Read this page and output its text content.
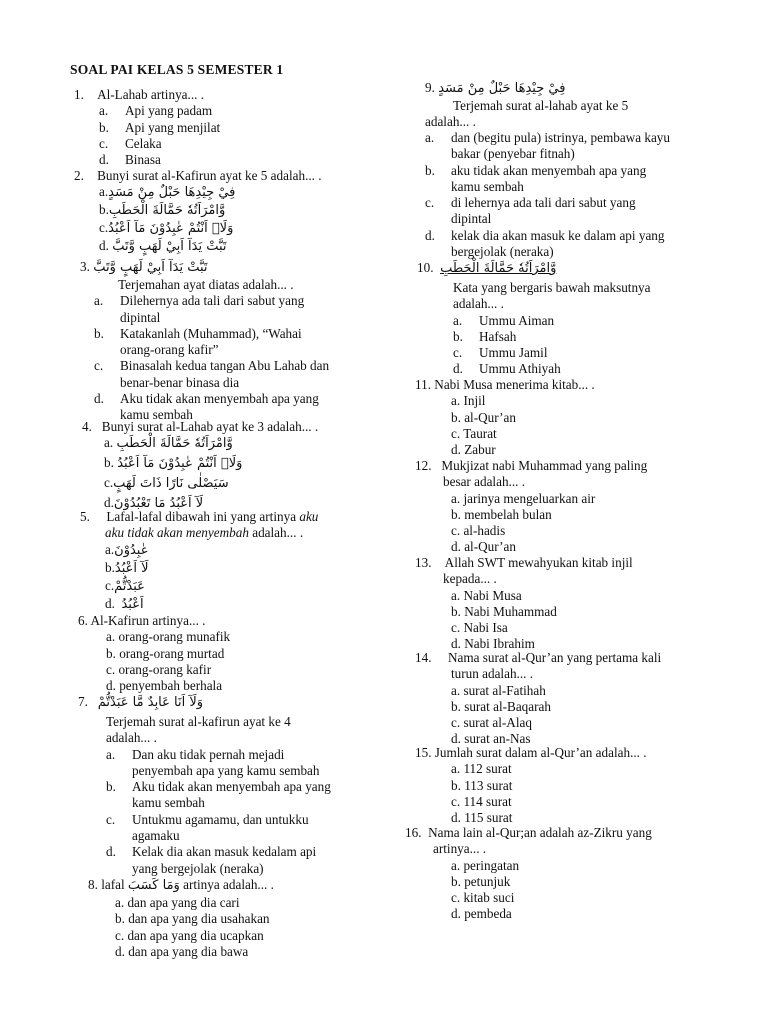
SOAL PAI KELAS 5 SEMESTER 1
1. Al-Lahab artinya... .
a. Api yang padam
b. Api yang menjilat
c. Celaka
d. Binasa
2. Bunyi surat al-Kafirun ayat ke 5 adalah... .
a.فِيْ جِيْدِهَا حَبْلٌ مِنْ مَسَدٍ
b.وَّامْرَاَتُهٗ حَمَّالَةَ الْحَطَبِ
c.وَلَاۤ اَنْتُمْ عٰبِدُوْنَ مَآ اَعْبُدُ
d. تَبَّتْ يَدَآ اَبِيْ لَهَبٍ وَّتَبَّ
3. تَبَّتْ يَدَآ اَبِيْ لَهَبٍ وَّتَبَّ
Terjemahan ayat diatas adalah... .
a. Dilehernya ada tali dari sabut yang
dipintal
b. Katakanlah (Muhammad), “Wahai
orang-orang kafir”
c. Binasalah kedua tangan Abu Lahab dan
benar-benar binasa dia
d. Aku tidak akan menyembah apa yang
kamu sembah
4. Bunyi surat al-Lahab ayat ke 3 adalah... .
a. وَّامْرَاَتُهٗ حَمَّالَةَ الْحَطَبِ
b. وَلَاۤ اَنْتُمْ عٰبِدُوْنَ مَآ اَعْبُدُ
c.سَيَصْلٰى نَارًا ذَاتَ لَهَبٍ
d.لَآ اَعْبُدُ مَا تَعْبُدُوْنَ
5. Lafal-lafal dibawah ini yang artinya aku
aku tidak akan menyembah adalah... .
a.عٰبِدُوْنَ
b.لَآ اَعْبُدُ
c.عَبَدْتُّمْ
d. اَعْبُدُ
6. Al-Kafirun artinya... .
a. orang-orang munafik
b. orang-orang murtad
c. orang-orang kafir
d. penyembah berhala
7. وَلَآ اَنَا عَابِدٌ مَّا عَبَدْتُّمْ
Terjemah surat al-kafirun ayat ke 4
adalah... .
a. Dan aku tidak pernah mejadi
penyembah apa yang kamu sembah
b. Aku tidak akan menyembah apa yang
kamu sembah
c. Untukmu agamamu, dan untukku
agamaku
d. Kelak dia akan masuk kedalam api
yang bergejolak (neraka)
8. lafal وَمَا كَسَبَ artinya adalah... .
a. dan apa yang dia cari
b. dan apa yang dia usahakan
c. dan apa yang dia ucapkan
d. dan apa yang dia bawa
9. فِيْ جِيْدِهَا حَبْلٌ مِنْ مَسَدٍ
Terjemah surat al-lahab ayat ke 5
adalah... .
a. dan (begitu pula) istrinya, pembawa kayu
bakar (penyebar fitnah)
b. aku tidak akan menyembah apa yang
kamu sembah
c. di lehernya ada tali dari sabut yang
dipintal
d. kelak dia akan masuk ke dalam api yang
bergejolak (neraka)
10. وَّامْرَاَتُهٗ حَمَّالَةَ الْحَطَبِ
Kata yang bergaris bawah maksutnya
adalah... .
a. Ummu Aiman
b. Hafsah
c. Ummu Jamil
d. Ummu Athiyah
11. Nabi Musa menerima kitab... .
a. Injil
b. al-Qur’an
c. Taurat
d. Zabur
12. Mukjizat nabi Muhammad yang paling
besar adalah... .
a. jarinya mengeluarkan air
b. membelah bulan
c. al-hadis
d. al-Qur’an
13. Allah SWT mewahyukan kitab injil
kepada... .
a. Nabi Musa
b. Nabi Muhammad
c. Nabi Isa
d. Nabi Ibrahim
14. Nama surat al-Qur’an yang pertama kali
turun adalah... .
a. surat al-Fatihah
b. surat al-Baqarah
c. surat al-Alaq
d. surat an-Nas
15. Jumlah surat dalam al-Qur’an adalah... .
a. 112 surat
b. 113 surat
c. 114 surat
d. 115 surat
16. Nama lain al-Qur;an adalah az-Zikru yang
artinya... .
a. peringatan
b. petunjuk
c. kitab suci
d. pembeda
